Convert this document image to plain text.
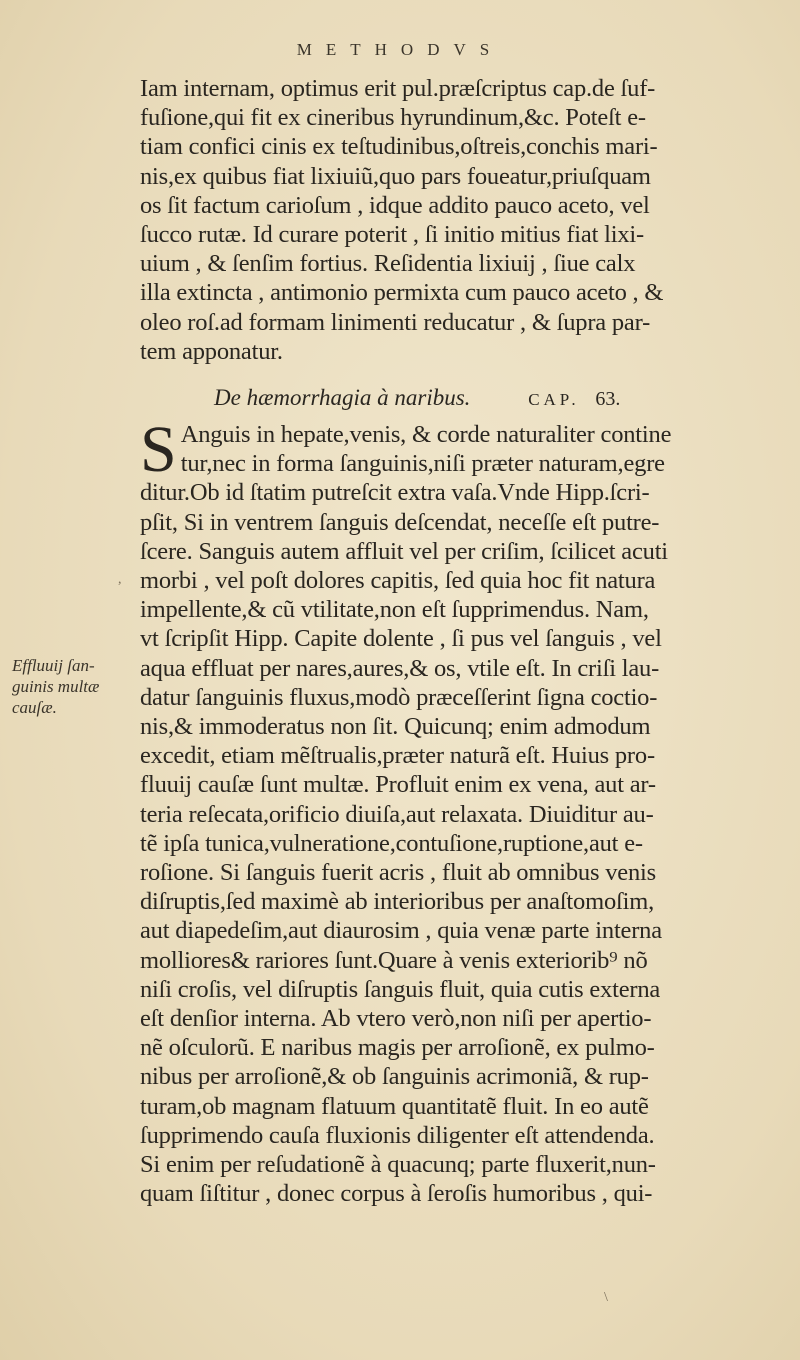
METHODVS
Iam internam, optimus erit pul.præſcriptus cap.de ſuf-
fuſione,qui fit ex cineribus hyrundinum,&c. Poteſt e-
tiam confici cinis ex teſtudinibus,oſtreis,conchis mari-
nis,ex quibus fiat lixiuiũ,quo pars foueatur,priuſquam
os ſit factum carioſum , idque addito pauco aceto, vel
ſucco rutæ. Id curare poterit , ſi initio mitius fiat lixi-
uium , & ſenſim fortius. Reſidentia lixiuij , ſiue calx
illa extincta , antimonio permixta cum pauco aceto , &
oleo roſ.ad formam linimenti reducatur , & ſupra par-
tem apponatur.
De hæmorrhagia à naribus.	CAP. 63.
S Anguis in hepate,venis, & corde naturaliter contine
tur,nec in forma ſanguinis,niſi præter naturam,egre
ditur.Ob id ſtatim putreſcit extra vaſa.Vnde Hipp.ſcri-
pſit, Si in ventrem ſanguis deſcendat, neceſſe eſt putre-
ſcere. Sanguis autem affluit vel per criſim, ſcilicet acuti
morbi , vel poſt dolores capitis, ſed quia hoc fit natura
impellente,& cũ vtilitate,non eſt ſupprimendus. Nam,
vt ſcripſit Hipp. Capite dolente , ſi pus vel ſanguis , vel
aqua effluat per nares,aures,& os, vtile eſt. In criſi lau-
datur ſanguinis fluxus,modò præceſſerint ſigna coctio-
nis,& immoderatus non ſit. Quicunq; enim admodum
excedit, etiam mẽſtrualis,præter naturã eſt. Huius pro-
fluuij cauſæ ſunt multæ. Profluit enim ex vena, aut ar-
teria reſecata,orificio diuiſa,aut relaxata. Diuiditur au-
tẽ ipſa tunica,vulneratione,contuſione,ruptione,aut e-
roſione. Si ſanguis fuerit acris , fluit ab omnibus venis
diſruptis,ſed maximè ab interioribus per anaſtomoſim,
aut diapedeſim,aut diaurosim , quia venæ parte interna
molliores& rariores ſunt.Quare à venis exteriorib⁹ nõ
niſi croſis, vel diſruptis ſanguis fluit, quia cutis externa
eſt denſior interna. Ab vtero verò,non niſi per apertio-
nẽ oſculorũ. E naribus magis per arroſionẽ, ex pulmo-
nibus per arroſionẽ,& ob ſanguinis acrimoniã, & rup-
turam,ob magnam flatuum quantitatẽ fluit. In eo autẽ
ſupprimendo cauſa fluxionis diligenter eſt attendenda.
Si enim per reſudationẽ à quacunq; parte fluxerit,nun-
quam ſiſtitur , donec corpus à ſeroſis humoribus , qui-
Effluuij ſan-
guinis multæ
cauſæ.
,
\
